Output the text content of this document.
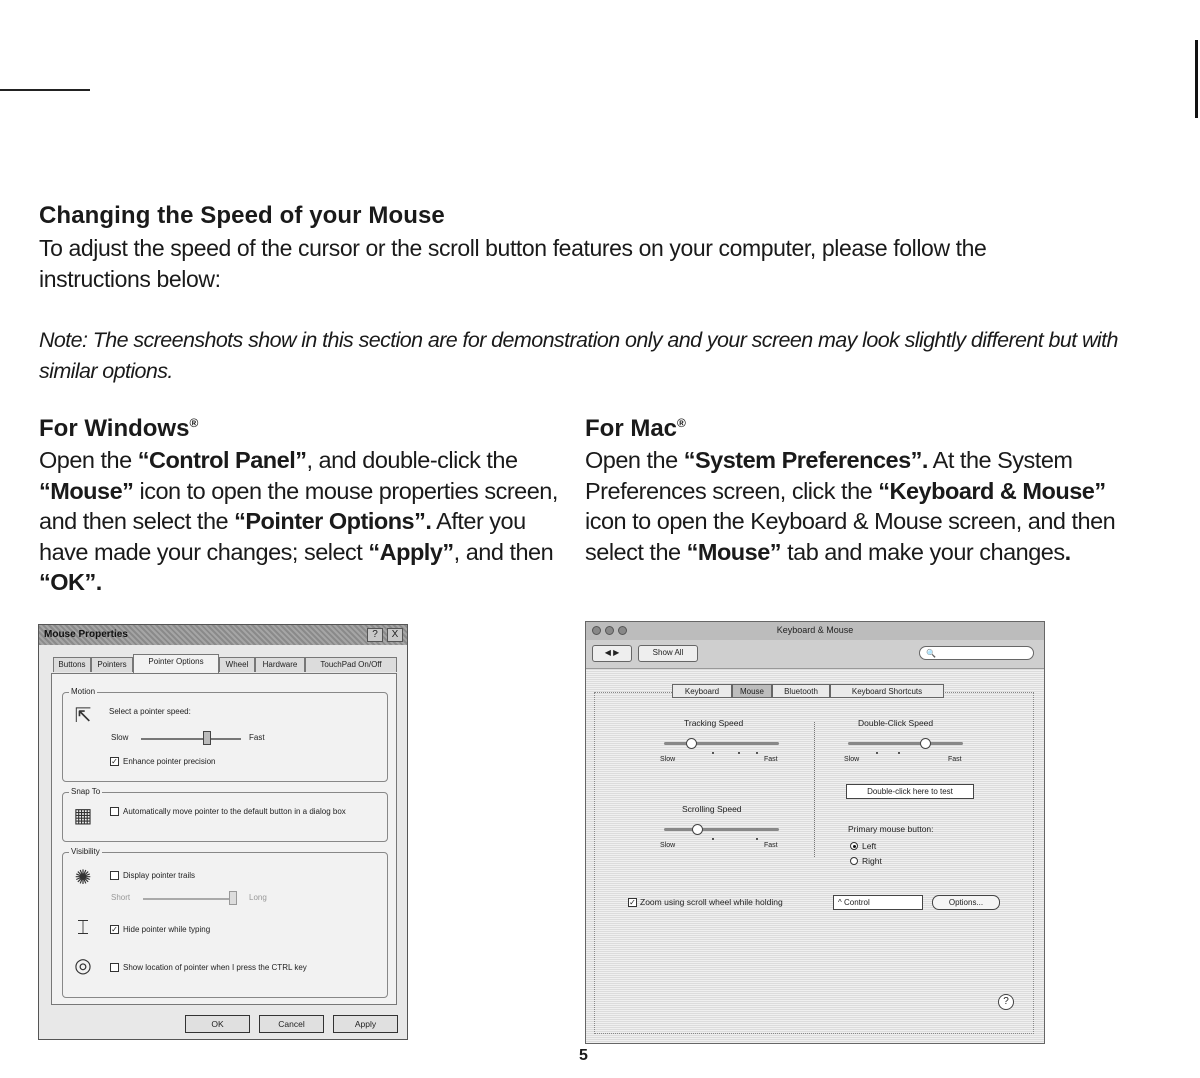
Changing the Speed of your Mouse

To adjust the speed of the cursor or the scroll button features on your computer, please follow the instructions below:

Note: The screenshots show in this section are for demonstration only and your screen may look slightly different but with similar options.

For Windows®

Open the “Control Panel”, and double-click the “Mouse” icon to open the mouse properties screen, and then select the “Pointer Options”. After you have made your changes; select “Apply”, and then “OK”.

For Mac®

Open the “System Preferences”. At the System Preferences screen, click the “Keyboard & Mouse” icon to open the Keyboard & Mouse screen, and then select the “Mouse” tab and make your changes.

Mouse Properties	?	X
Buttons	Pointers	Pointer Options	Wheel	Hardware	TouchPad On/Off
Motion
⇱	Select a pointer speed:
Slow	Fast
✓ Enhance pointer precision
Snap To
▦	Automatically move pointer to the default button in a dialog box
Visibility
✺	Display pointer trails
Short	Long
⌶	✓ Hide pointer while typing
◎	Show location of pointer when I press the CTRL key
OK	Cancel	Apply
Keyboard & Mouse
◀ ▶	Show All	🔍
Keyboard	Mouse	Bluetooth	Keyboard Shortcuts
Tracking Speed
Slow	Fast
Double-Click Speed
Slow	Fast
Double-click here to test
Scrolling Speed
Slow	Fast
Primary mouse button:
Left
Right
✓ Zoom using scroll wheel while holding	^ Control	Options...
?
5
